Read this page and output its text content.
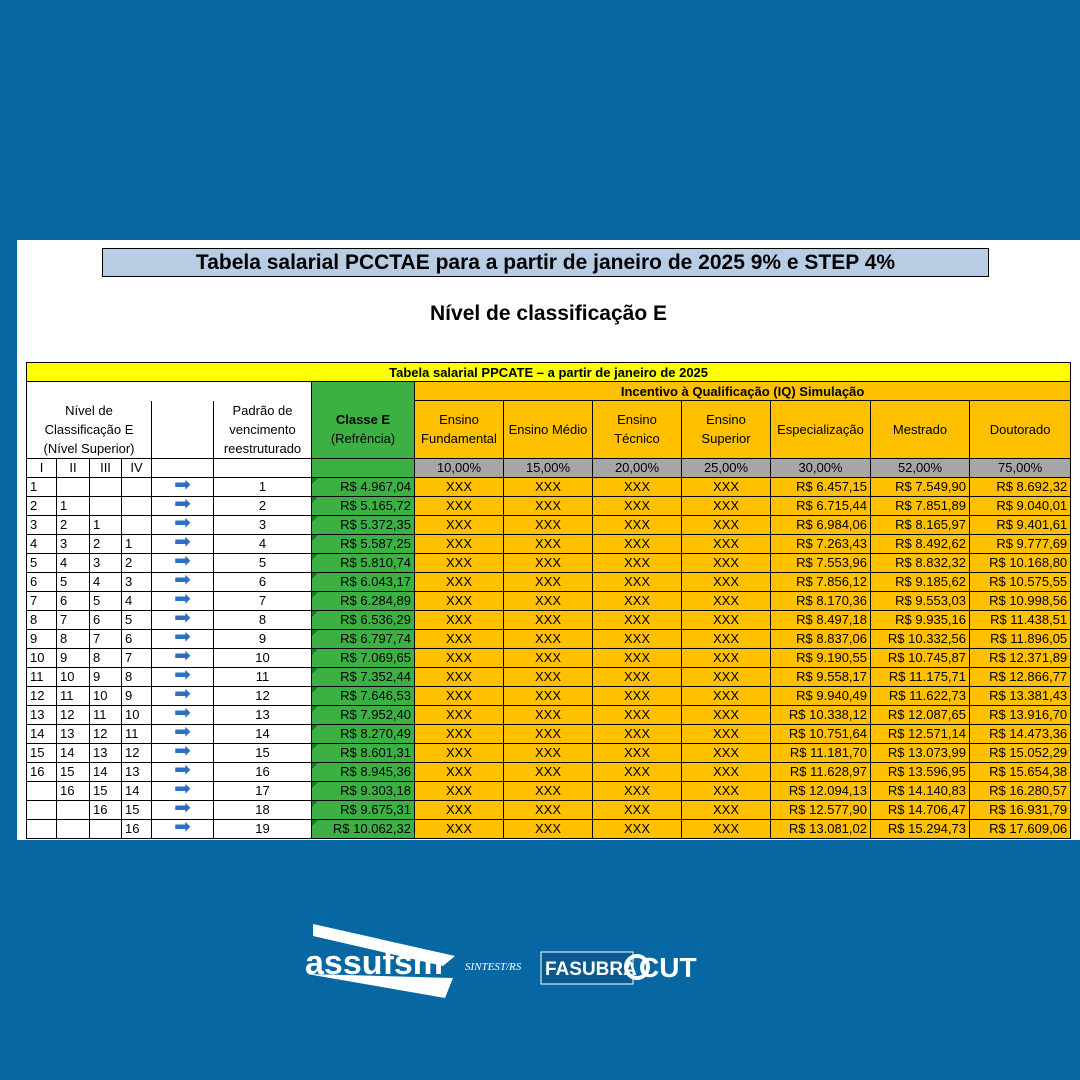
Tabela salarial PCCTAE para a partir de janeiro de 2025 9% e STEP 4%
Nível de classificação E
Tabela salarial PPCATE – a partir de janeiro de 2025													
							Incentivo à Qualificação (IQ) Simulação						
Nível de Classificação E (Nível Superior)					Padrão de vencimento reestruturado	Classe E
(Refrência)	Ensino Fundamental	Ensino Médio	Ensino Técnico	Ensino Superior	Especialização	Mestrado	Doutorado
I	II	III	IV				10,00%	15,00%	20,00%	25,00%	30,00%	52,00%	75,00%
1				➡	1	R$ 4.967,04	XXX	XXX	XXX	XXX	R$ 6.457,15	R$ 7.549,90	R$ 8.692,32
2	1			➡	2	R$ 5.165,72	XXX	XXX	XXX	XXX	R$ 6.715,44	R$ 7.851,89	R$ 9.040,01
3	2	1		➡	3	R$ 5.372,35	XXX	XXX	XXX	XXX	R$ 6.984,06	R$ 8.165,97	R$ 9.401,61
4	3	2	1	➡	4	R$ 5.587,25	XXX	XXX	XXX	XXX	R$ 7.263,43	R$ 8.492,62	R$ 9.777,69
5	4	3	2	➡	5	R$ 5.810,74	XXX	XXX	XXX	XXX	R$ 7.553,96	R$ 8.832,32	R$ 10.168,80
6	5	4	3	➡	6	R$ 6.043,17	XXX	XXX	XXX	XXX	R$ 7.856,12	R$ 9.185,62	R$ 10.575,55
7	6	5	4	➡	7	R$ 6.284,89	XXX	XXX	XXX	XXX	R$ 8.170,36	R$ 9.553,03	R$ 10.998,56
8	7	6	5	➡	8	R$ 6.536,29	XXX	XXX	XXX	XXX	R$ 8.497,18	R$ 9.935,16	R$ 11.438,51
9	8	7	6	➡	9	R$ 6.797,74	XXX	XXX	XXX	XXX	R$ 8.837,06	R$ 10.332,56	R$ 11.896,05
10	9	8	7	➡	10	R$ 7.069,65	XXX	XXX	XXX	XXX	R$ 9.190,55	R$ 10.745,87	R$ 12.371,89
11	10	9	8	➡	11	R$ 7.352,44	XXX	XXX	XXX	XXX	R$ 9.558,17	R$ 11.175,71	R$ 12.866,77
12	11	10	9	➡	12	R$ 7.646,53	XXX	XXX	XXX	XXX	R$ 9.940,49	R$ 11.622,73	R$ 13.381,43
13	12	11	10	➡	13	R$ 7.952,40	XXX	XXX	XXX	XXX	R$ 10.338,12	R$ 12.087,65	R$ 13.916,70
14	13	12	11	➡	14	R$ 8.270,49	XXX	XXX	XXX	XXX	R$ 10.751,64	R$ 12.571,14	R$ 14.473,36
15	14	13	12	➡	15	R$ 8.601,31	XXX	XXX	XXX	XXX	R$ 11.181,70	R$ 13.073,99	R$ 15.052,29
16	15	14	13	➡	16	R$ 8.945,36	XXX	XXX	XXX	XXX	R$ 11.628,97	R$ 13.596,95	R$ 15.654,38
	16	15	14	➡	17	R$ 9.303,18	XXX	XXX	XXX	XXX	R$ 12.094,13	R$ 14.140,83	R$ 16.280,57
		16	15	➡	18	R$ 9.675,31	XXX	XXX	XXX	XXX	R$ 12.577,90	R$ 14.706,47	R$ 16.931,79
			16	➡	19	R$ 10.062,32	XXX	XXX	XXX	XXX	R$ 13.081,02	R$ 15.294,73	R$ 17.609,06
assufsm SINTEST/RS FASUBRA CUT
